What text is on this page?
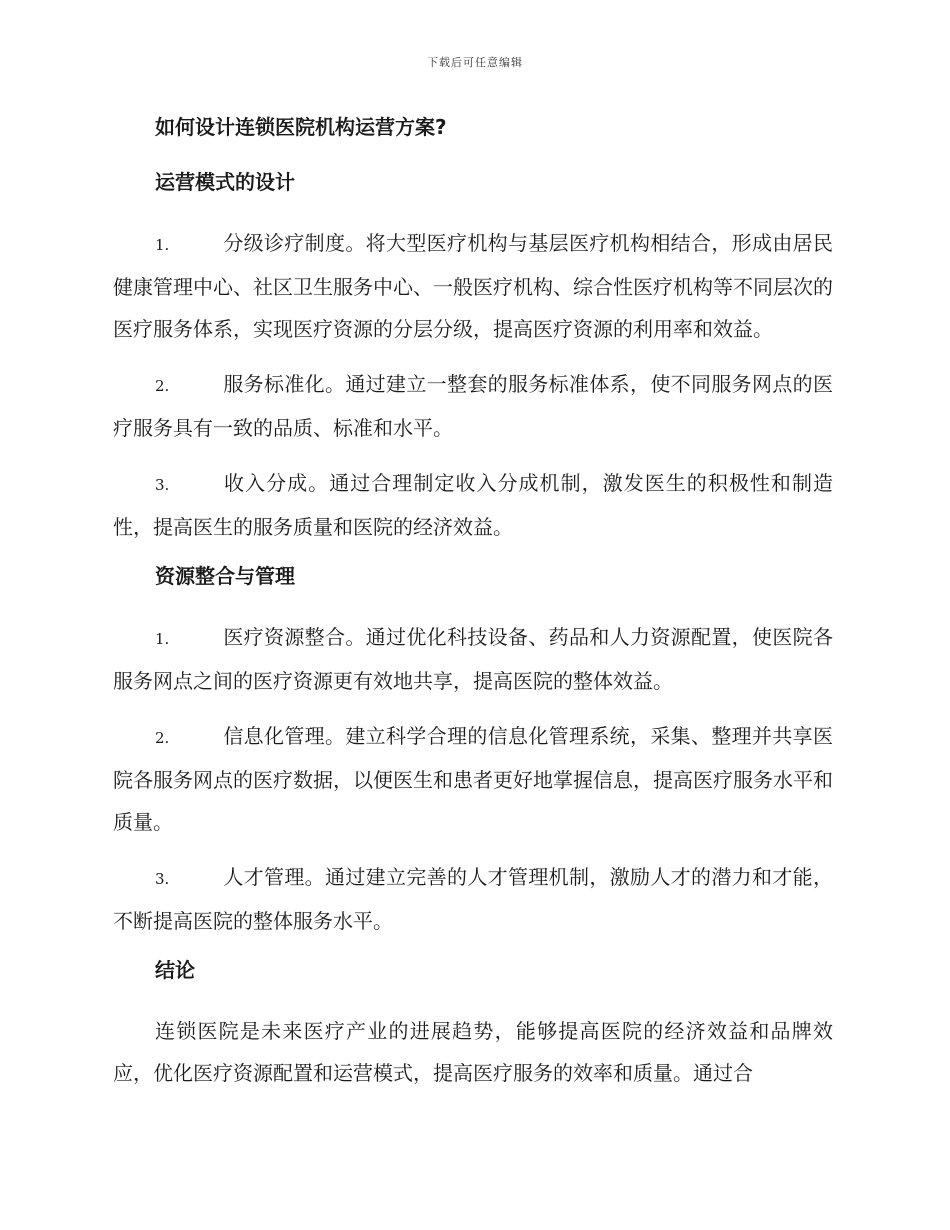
下载后可任意编辑
如何设计连锁医院机构运营方案?
运营模式的设计

1.	分级诊疗制度。将大型医疗机构与基层医疗机构相结合，形成由居民健康管理中心、社区卫生服务中心、一般医疗机构、综合性医疗机构等不同层次的医疗服务体系，实现医疗资源的分层分级，提高医疗资源的利用率和效益。

2.	服务标准化。通过建立一整套的服务标准体系，使不同服务网点的医疗服务具有一致的品质、标准和水平。

3.	收入分成。通过合理制定收入分成机制，激发医生的积极性和制造性，提高医生的服务质量和医院的经济效益。

资源整合与管理

1.	医疗资源整合。通过优化科技设备、药品和人力资源配置，使医院各服务网点之间的医疗资源更有效地共享，提高医院的整体效益。

2.	信息化管理。建立科学合理的信息化管理系统，采集、整理并共享医院各服务网点的医疗数据，以便医生和患者更好地掌握信息，提高医疗服务水平和质量。

3.	人才管理。通过建立完善的人才管理机制，激励人才的潜力和才能，不断提高医院的整体服务水平。

结论

连锁医院是未来医疗产业的进展趋势，能够提高医院的经济效益和品牌效应，优化医疗资源配置和运营模式，提高医疗服务的效率和质量。通过合
